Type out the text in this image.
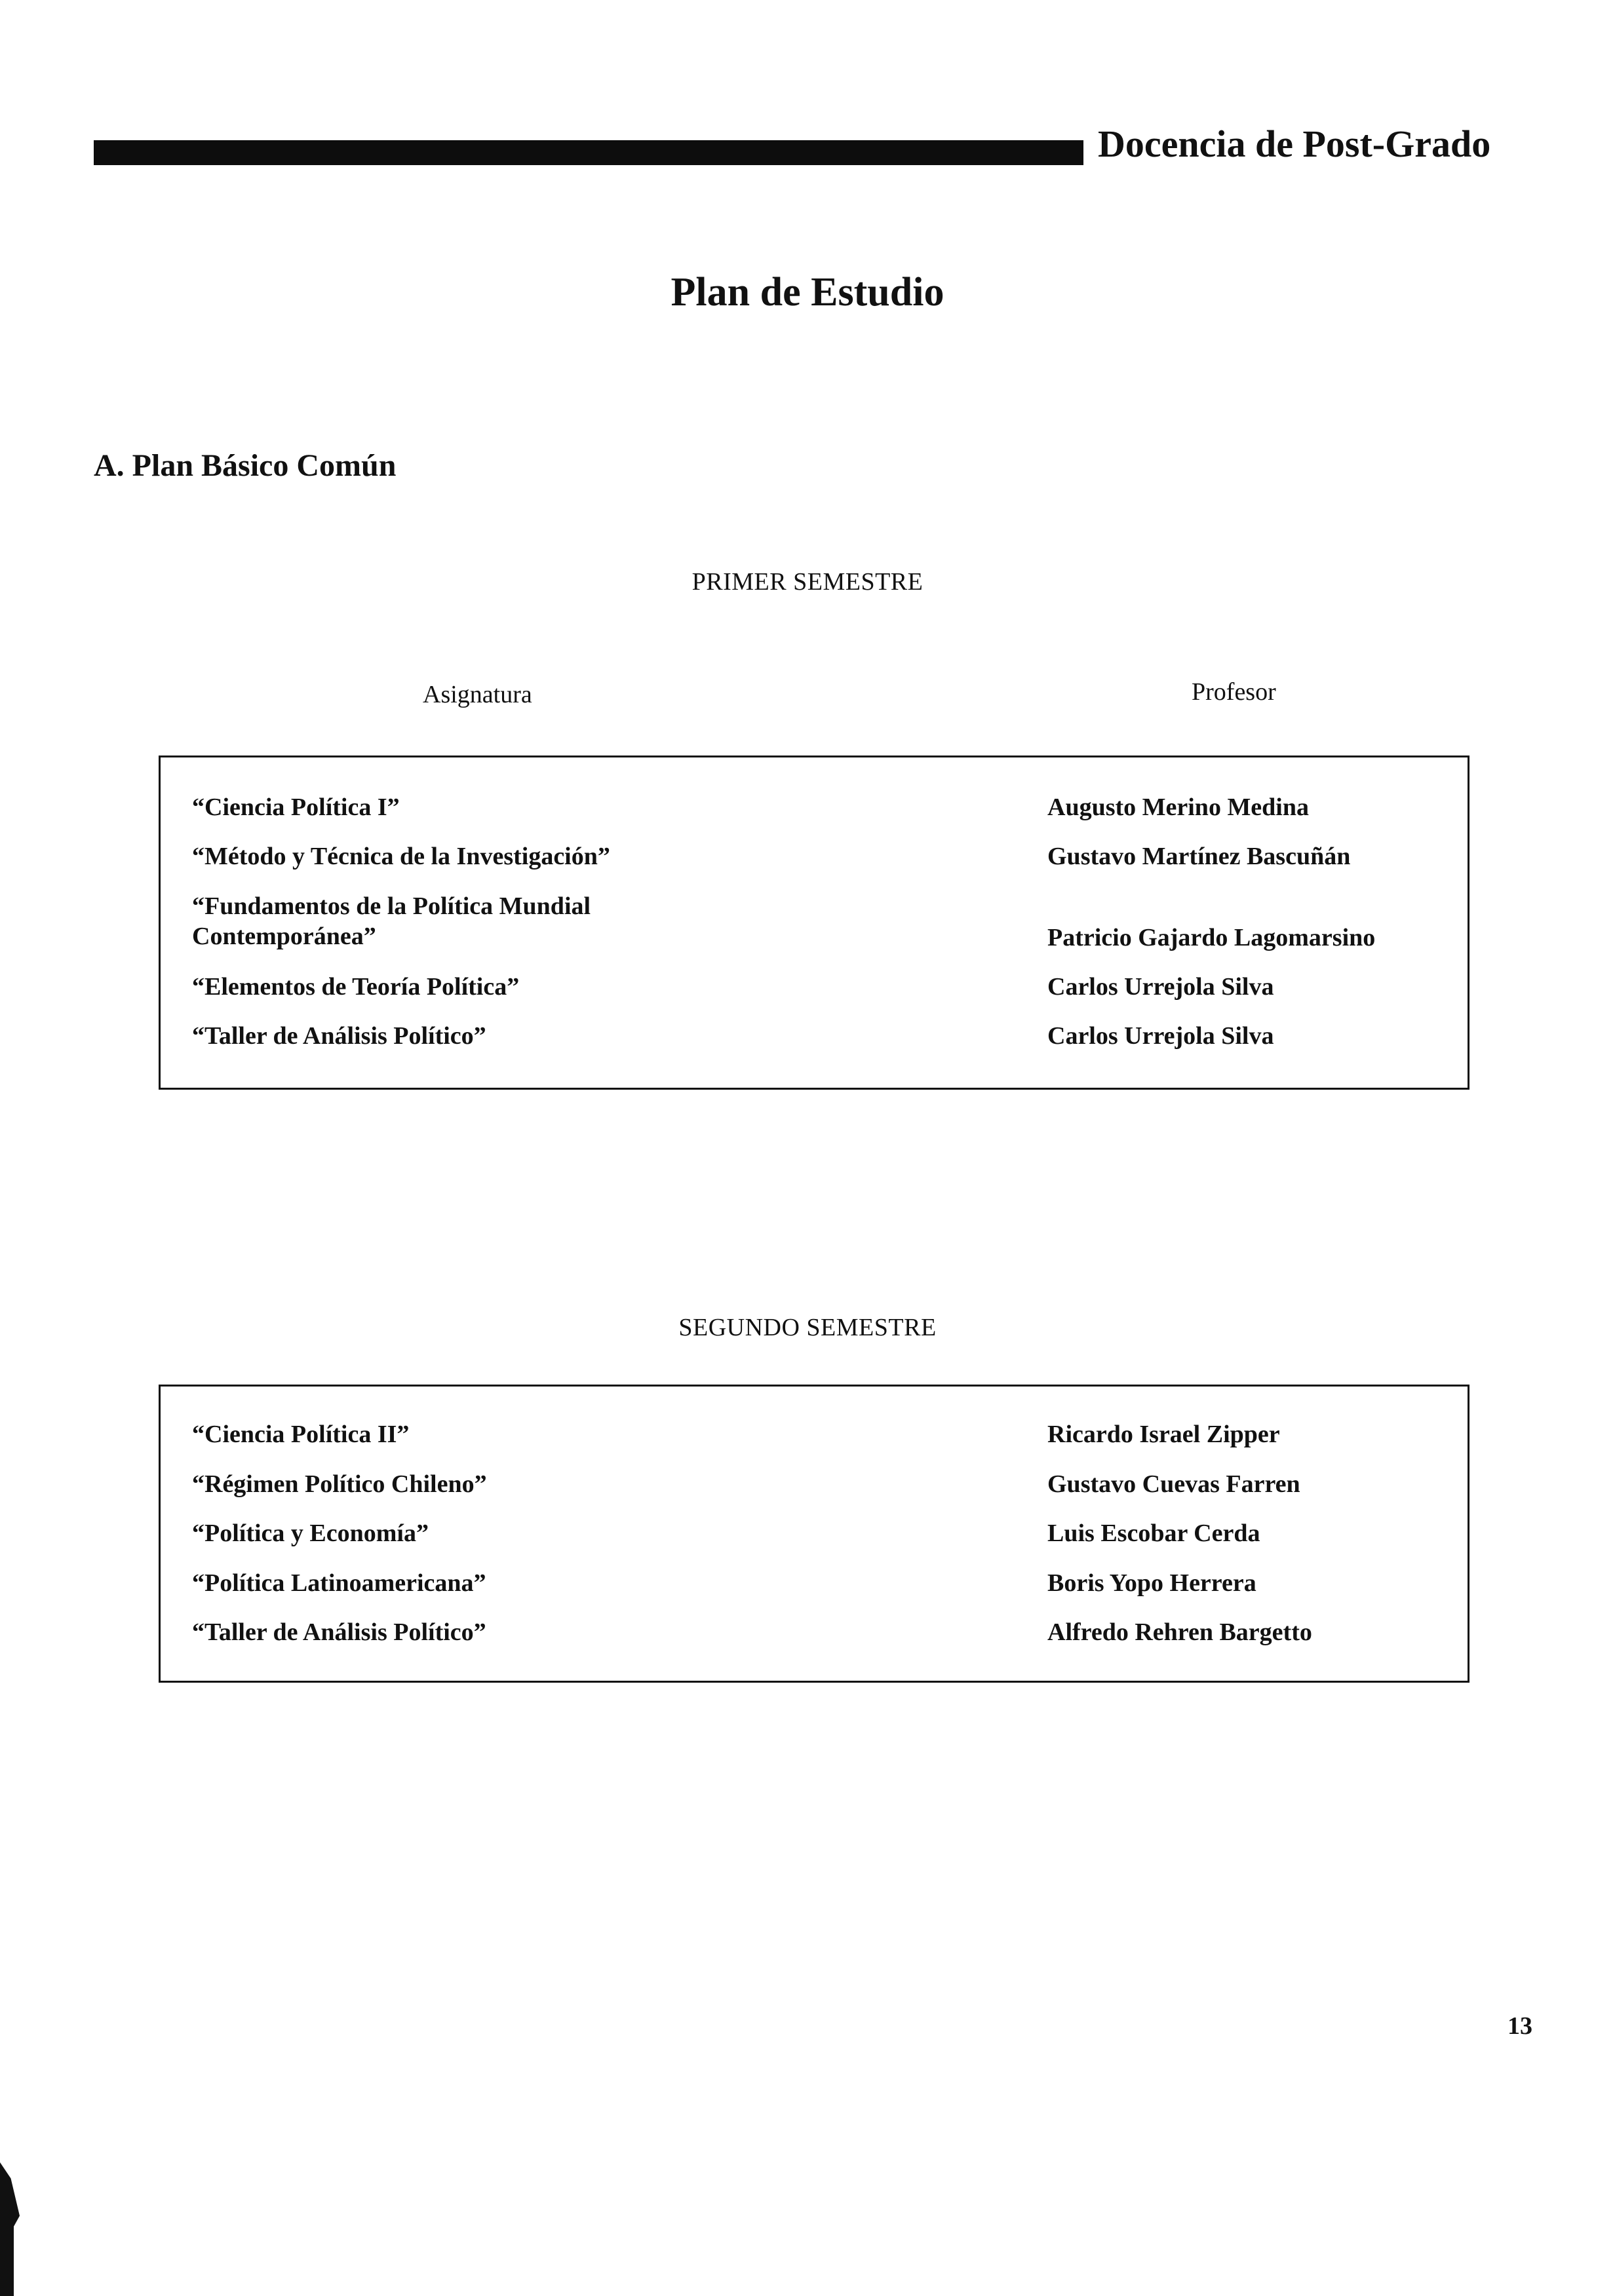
Docencia de Post-Grado
Plan de Estudio
A. Plan Básico Común
PRIMER SEMESTRE
Asignatura	Profesor
“Ciencia Política I”	Augusto Merino Medina
“Método y Técnica de la Investigación”	Gustavo Martínez Bascuñán
“Fundamentos de la Política Mundial
Contemporánea”	Patricio Gajardo Lagomarsino
“Elementos de Teoría Política”	Carlos Urrejola Silva
“Taller de Análisis Político”	Carlos Urrejola Silva
SEGUNDO SEMESTRE
“Ciencia Política II”	Ricardo Israel Zipper
“Régimen Político Chileno”	Gustavo Cuevas Farren
“Política y Economía”	Luis Escobar Cerda
“Política Latinoamericana”	Boris Yopo Herrera
“Taller de Análisis Político”	Alfredo Rehren Bargetto
13
